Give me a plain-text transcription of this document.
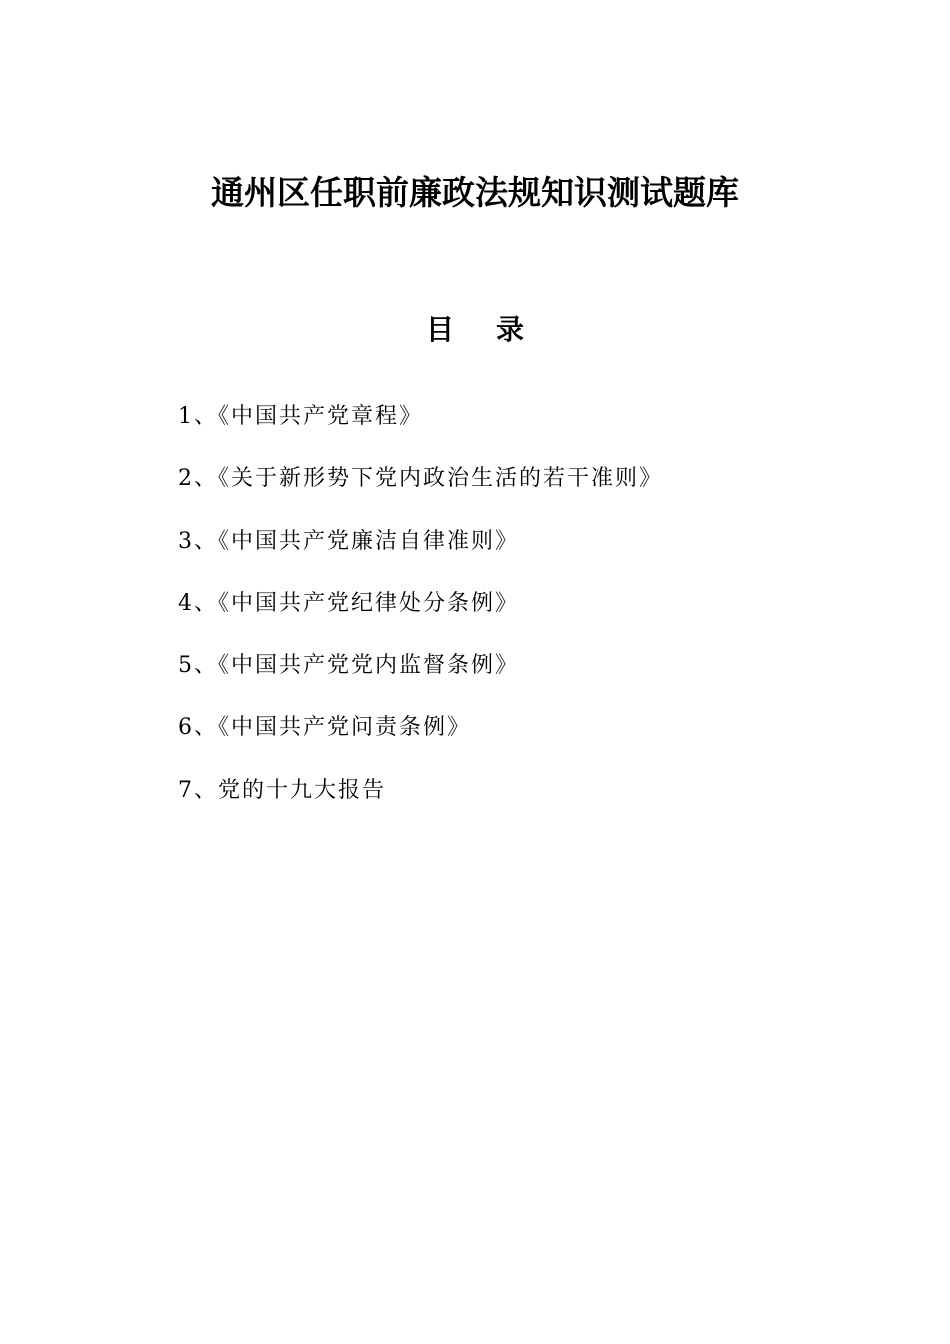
通州区任职前廉政法规知识测试题库
目 录
1、《中国共产党章程》
2、《关于新形势下党内政治生活的若干准则》
3、《中国共产党廉洁自律准则》
4、《中国共产党纪律处分条例》
5、《中国共产党党内监督条例》
6、《中国共产党问责条例》
7、党的十九大报告
